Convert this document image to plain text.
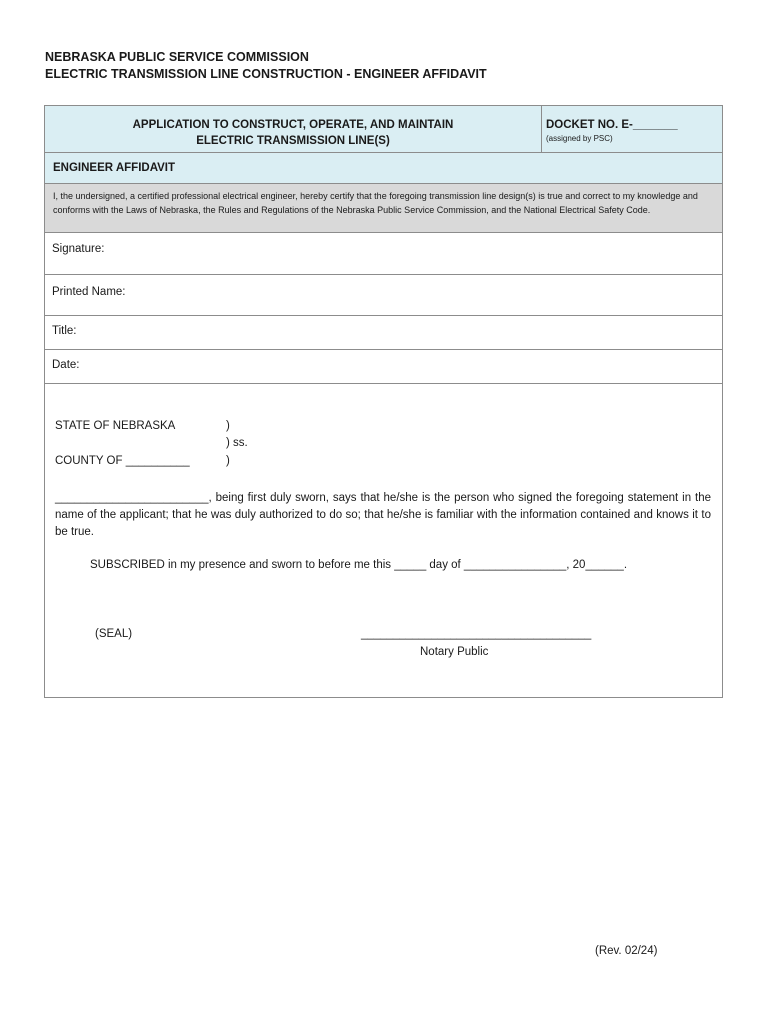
NEBRASKA PUBLIC SERVICE COMMISSION
ELECTRIC TRANSMISSION LINE CONSTRUCTION - ENGINEER AFFIDAVIT
APPLICATION TO CONSTRUCT, OPERATE, AND MAINTAIN
ELECTRIC TRANSMISSION LINE(S)
DOCKET NO. E-_______
(assigned by PSC)
ENGINEER AFFIDAVIT
I, the undersigned, a certified professional electrical engineer, hereby certify that the foregoing transmission line design(s) is true and correct to my knowledge and conforms with the Laws of Nebraska, the Rules and Regulations of the Nebraska Public Service Commission, and the National Electrical Safety Code.
Signature:
Printed Name:
Title:
Date:
STATE OF NEBRASKA
COUNTY OF __________
)
) ss.
)
________________________, being first duly sworn, says that he/she is the person who signed the foregoing statement in the name of the applicant; that he was duly authorized to do so; that he/she is familiar with the information contained and knows it to be true.
SUBSCRIBED in my presence and sworn to before me this _____ day of ________________, 20______.
(SEAL)	____________________________________
Notary Public
(Rev. 02/24)
